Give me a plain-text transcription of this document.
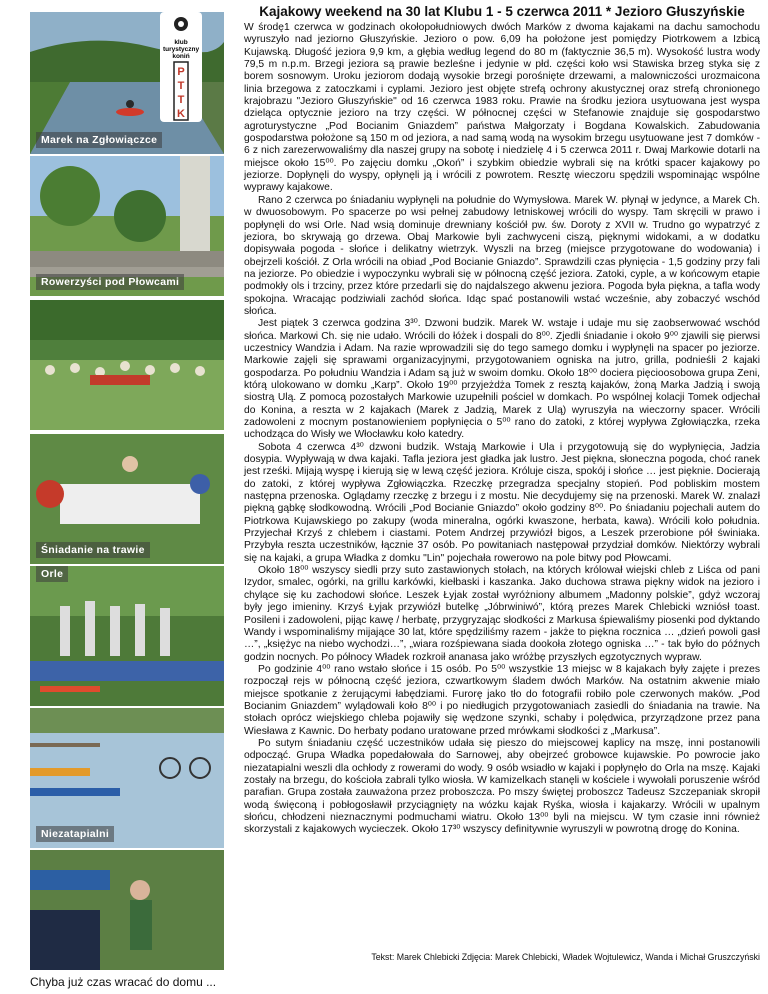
Marek na Zgłowiączce
Rowerzyści pod Płowcami
Śniadanie na trawie
Orle
Niezatapialni
klub
turystyczny
koniń
P
T
T
K
Kajakowy weekend na 30 lat Klubu 1 - 5 czerwca 2011 * Jezioro Głuszyńskie

W środę1 czerwca w godzinach okołopołudniowych dwóch Marków z dwoma kajakami na dachu samochodu wyruszyło nad jeziorno Głuszyńskie. Jezioro o pow. 6,09 ha położone jest pomiędzy Piotrkowem a Izbicą Kujawską. Długość jeziora 9,9 km, a głębia według legend do 80 m (faktycznie 36,5 m). Wysokość lustra wody 79,5 m n.p.m. Brzegi jeziora są prawie bezleśne i jedynie w płd. części koło wsi Stawiska brzeg styka się z borem sosnowym. Uroku jeziorom dodają wysokie brzegi porośnięte drzewami, a malowniczości urozmaicona linia brzegowa z zatoczkami i cyplami. Jezioro jest objęte strefą ochrony akustycznej oraz strefą chronionego krajobrazu "Jezioro Głuszyńskie" od 16 czerwca 1983 roku. Prawie na środku jeziora usytuowana jest wyspa dzieląca optycznie jezioro na trzy części. W północnej części w Stefanowie znajduje się gospodarstwo agroturystyczne „Pod Bocianim Gniazdem” państwa Małgorzaty i Bogdana Kowalskich. Zabudowania gospodarstwa położone są 150 m od jeziora, a nad samą wodą na wysokim brzegu usytuowane jest 7 domków - 6 z nich zarezerwowaliśmy dla naszej grupy na sobotę i niedzielę 4 i 5 czerwca 2011 r. Dwaj Markowie dotarli na miejsce około 15⁰⁰. Po zajęciu domku „Okoń” i szybkim obiedzie wybrali się na krótki spacer kajakowy po jeziorze. Dopłynęli do wyspy, opłynęli ją i wrócili z powrotem. Resztę wieczoru spędzili wspominając wspólne wyprawy kajakowe.

Rano 2 czerwca po śniadaniu wypłynęli na południe do Wymysłowa. Marek W. płynął w jedynce, a Marek Ch. w dwuosobowym. Po spacerze po wsi pełnej zabudowy letniskowej wrócili do wyspy. Tam skręcili w prawo i popłynęli do wsi Orle. Nad wsią dominuje drewniany kościół pw. św. Doroty z XVII w. Trudno go wypatrzyć z jeziora, bo skrywają go drzewa. Obaj Markowie byli zachwyceni ciszą, pięknymi widokami, a w dodatku dopisywała pogoda - słońce i delikatny wietrzyk. Wyszli na brzeg (miejsce przygotowane do wodowania) i obejrzeli kościół. Z Orla wrócili na obiad „Pod Bocianie Gniazdo”. Sprawdzili czas płynięcia - 1,5 godziny przy fali na jeziorze. Po obiedzie i wypoczynku wybrali się w północną część jeziora. Zatoki, cyple, a w końcowym etapie podmokły ols i trzciny, przez które przedarli się do najdalszego akwenu jeziora. Pogoda była piękna, a tafla wody spokojna. Wracając podziwiali zachód słońca. Idąc spać postanowili wstać wcześnie, aby zobaczyć wschód słońca.

Jest piątek 3 czerwca godzina 3³⁰. Dzwoni budzik. Marek W. wstaje i udaje mu się zaobserwować wschód słońca. Markowi Ch. się nie udało. Wrócili do łóżek i dospali do 8⁰⁰. Zjedli śniadanie i około 9⁰⁰ zjawili się pierwsi uczestnicy Wandzia i Adam. Na razie wprowadzili się do tego samego domku i wypłynęli na spacer po jeziorze. Markowie zajęli się sprawami organizacyjnymi, przygotowaniem ogniska na jutro, grilla, podnieśli 2 kajaki gospodarza. Po południu Wandzia i Adam są już w swoim domku. Około 18⁰⁰ dociera pięcioosobowa grupa Zeni, którą ulokowano w domku „Karp”. Około 19⁰⁰ przyjeżdża Tomek z resztą kajaków, żoną Marka Jadzią i swoją siostrą Ulą. Z pomocą pozostałych Markowie uzupełnili pościel w domkach. Po wspólnej kolacji Tomek odjechał do Konina, a reszta w 2 kajakach (Marek z Jadzią, Marek z Ulą) wyruszyła na wieczorny spacer. Wrócili zadowoleni z mocnym postanowieniem popłynięcia o 5⁰⁰ rano do zatoki, z której wypływa Zgłowiączka, rzeka uchodząca do Wisły we Włocławku koło katedry.

Sobota 4 czerwca 4³⁰ dzwoni budzik. Wstają Markowie i Ula i przygotowują się do wypłynięcia, Jadzia dosypia. Wypływają w dwa kajaki. Tafla jeziora jest gładka jak lustro. Jest piękna, słoneczna pogoda, choć ranek jest rześki. Mijają wyspę i kierują się w lewą część jeziora. Króluje cisza, spokój i słońce … jest pięknie. Docierają do zatoki, z której wypływa Zgłowiączka. Rzeczkę przegradza specjalny stopień. Pod pobliskim mostem następna przenoska. Oglądamy rzeczkę z brzegu i z mostu. Nie decydujemy się na przenoski. Marek W. znalazł piękną gąbkę słodkowodną. Wrócili „Pod Bocianie Gniazdo” około godziny 8⁰⁰. Po śniadaniu pojechali autem do Piotrkowa Kujawskiego po zakupy (woda mineralna, ogórki kwaszone, herbata, kawa). Wrócili koło południa. Przyjechał Krzyś z chlebem i ciastami. Potem Andrzej przywiózł bigos, a Leszek przerobione pół świniaka. Przybyła reszta uczestników, łącznie 37 osób. Po powitaniach następował przydział domków. Niektórzy wybrali się na kajaki, a grupa Władka z domku "Lin" pojechała rowerowo na pole bitwy pod Płowcami.

Około 18⁰⁰ wszyscy siedli przy suto zastawionych stołach, na których królował wiejski chleb z Liśca od pani Izydor, smalec, ogórki, na grillu karkówki, kiełbaski i kaszanka. Jako duchowa strawa piękny widok na jezioro i chylące się ku zachodowi słońce. Leszek Łyjak został wyróżniony albumem „Madonny polskie”, gdyż wczoraj były jego imieniny. Krzyś Łyjak przywiózł butelkę „Jóbrwiniwó”, którą prezes Marek Chlebicki wzniósł toast. Posileni i zadowoleni, pijąc kawę / herbatę, przygryzając słodkości z Markusa śpiewaliśmy piosenki pod dyktando Wandy i wspominaliśmy mijające 30 lat, które spędziliśmy razem - jakże to piękna rocznica … „dzień powoli gasł …”, „księżyc na niebo wychodzi…”, „wiara rozśpiewana siada dookoła złotego ogniska …” - tak było do późnych godzin nocnych. Po północy Władek rozkroił ananasa jako wróżbę przyszłych egzotycznych wypraw.

Po godzinie 4⁰⁰ rano wstało słońce i 15 osób. Po 5⁰⁰ wszystkie 13 miejsc w 8 kajakach były zajęte i prezes rozpoczął rejs w północną część jeziora, czwartkowym śladem dwóch Marków. Na ostatnim akwenie miało miejsce spotkanie z żerującymi łabędziami. Furorę jako tło do fotografii robiło pole czerwonych maków. „Pod Bocianim Gniazdem” wylądowali koło 8⁰⁰ i po niedługich przygotowaniach zasiedli do śniadania na trawie. Na stołach oprócz wiejskiego chleba pojawiły się wędzone szynki, schaby i polędwica, przyrządzone przez pana Wiesława z Kawnic. Do herbaty podano uratowane przed mrówkami słodkości z „Markusa”.

Po sutym śniadaniu część uczestników udała się pieszo do miejscowej kaplicy na mszę, inni postanowili odpocząć. Grupa Władka popedałowała do Sarnowej, aby obejrzeć grobowce kujawskie. Po powrocie jako niezatapialni weszli dla ochłody z rowerami do wody. 9 osób wsiadło w kajaki i popłynęło do Orla na mszę. Kajaki zostały na brzegu, do kościoła zabrali tylko wiosła. W kamizelkach stanęli w kościele i wywołali poruszenie wśród parafian. Grupa została zauważona przez proboszcza. Po mszy świętej proboszcz Tadeusz Szczepaniak skropił wodą święconą i pobłogosławił przyciągnięty na wózku kajak Ryśka, wiosła i kajakarzy. Wrócili w upalnym słońcu, chłodzeni nieznacznymi podmuchami wiatru. Około 13⁰⁰ byli na miejscu. W tym czasie inni również skorzystali z kajakowych wycieczek. Około 17³⁰ wszyscy definitywnie wyruszyli w powrotną drogę do Konina.

Tekst: Marek Chlebicki Zdjęcia: Marek Chlebicki, Władek Wojtulewicz, Wanda i Michał Gruszczyński
Chyba już czas wracać do domu ...
